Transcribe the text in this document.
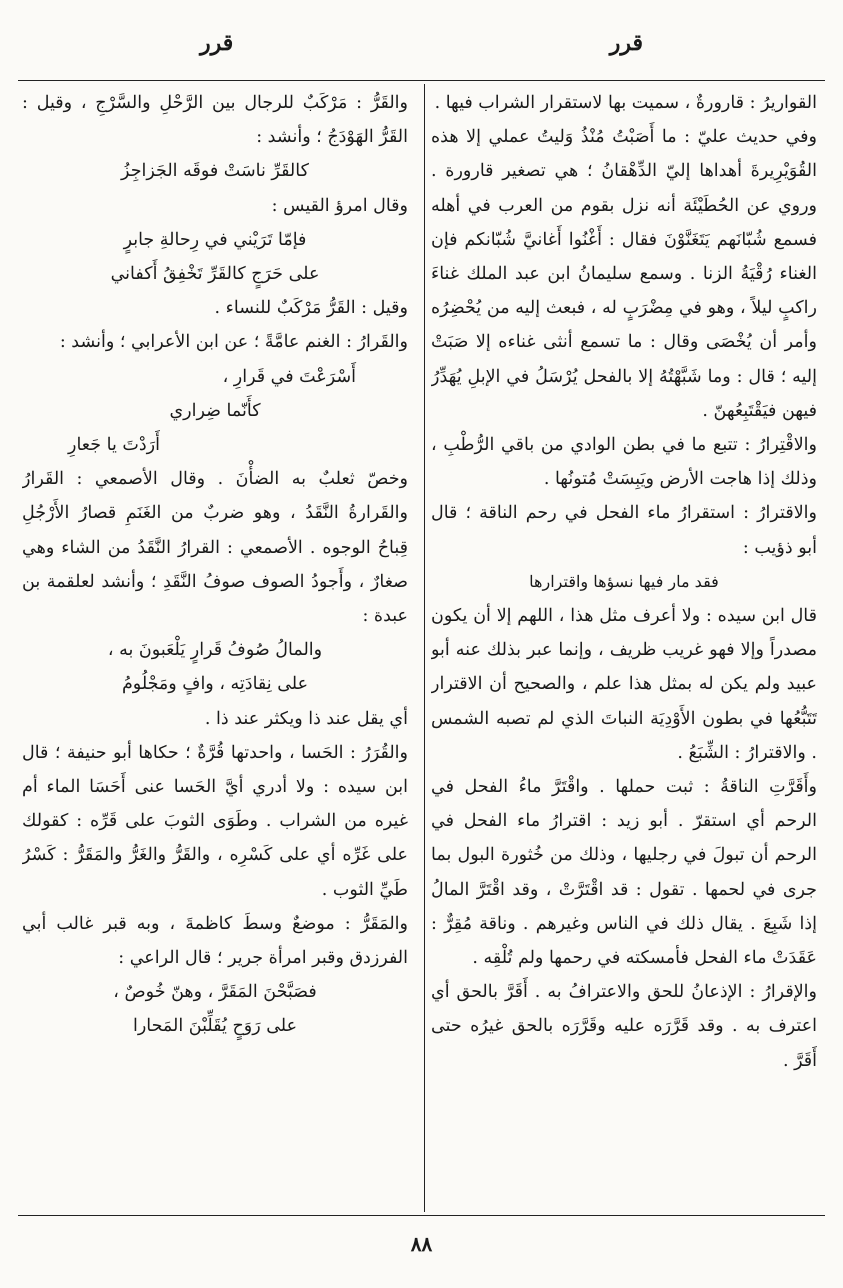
قرر
قرر

القواريرُ : قارورةٌ ، سميت بها لاستقرار الشراب فيها .

وفي حديث عليّ : ما أَصَبْتُ مُنْذُ وَليتُ عملي إلا هذه القُوَيْرِيرةَ أهداها إليّ الدِّهْقانُ ؛ هي تصغير قارورة . وروي عن الحُطَيْئَة أنه نزل بقوم من العرب في أهله فسمع شُبّانَهم يَتَغَنَّوْنَ فقال : أَغْنُوا أَغانيَّ شُبّانكم فإن الغناء رُقْيَةُ الزنا . وسمع سليمانُ ابن عبد الملك غناءَ راكبٍ ليلاً ، وهو في مِضْرَبٍ له ، فبعث إليه من يُحْضِرُه وأمر أن يُخْصَى وقال : ما تسمع أنثى غناءه إلا صَبَتْ إليه ؛ قال : وما شَبَّهْتُهُ إلا بالفحل يُرْسَلُ في الإبلِ يُهَدِّرُ فيهن فيَقْتَبِعُهنّ .

والاقْتِرارُ : تتبع ما في بطن الوادي من باقي الرُّطْبِ ، وذلك إذا هاجت الأرض ويَبِسَتْ مُتونُها .

والاقترارُ : استقرارُ ماء الفحل في رحم الناقة ؛ قال أبو ذؤيب :

فقد مار فيها نسؤها واقترارها

قال ابن سيده : ولا أعرف مثل هذا ، اللهم إلا أن يكون مصدراً وإلا فهو غريب ظريف ، وإنما عبر بذلك عنه أبو عبيد ولم يكن له بمثل هذا علم ، والصحيح أن الاقترار تَتَبُّعُها في بطون الأَوْدِيَة النباتَ الذي لم تصبه الشمس . والاقترارُ : الشِّبَعُ .

وأَقَرَّتِ الناقةُ : ثبت حملها . واقْتَرَّ ماءُ الفحل في الرحم أي استقرّ . أبو زيد : اقترارُ ماء الفحل في الرحم أن تبولَ في رجليها ، وذلك من خُثورة البول بما جرى في لحمها . تقول : قد اقْتَرَّتْ ، وقد اقْتَرَّ المالُ إذا شَبِعَ . يقال ذلك في الناس وغيرهم . وناقة مُقِرٌّ : عَقَدَتْ ماء الفحل فأمسكته في رحمها ولم تُلْقِه .

والإقرارُ : الإذعانُ للحق والاعترافُ به . أَقَرَّ بالحق أي اعترف به . وقد قَرَّرَه عليه وقَرَّرَه بالحق غيرُه حتى أَقَرَّ .

والقَرُّ : مَرْكَبٌ للرجال بين الرَّحْلِ والسَّرْجِ ، وقيل : القَرُّ الهَوْدَجُ ؛ وأنشد :

كالقَرِّ ناسَتْ فوقَه الجَزاجِزُ

وقال امرؤ القيس :

فإمّا تَرَيْني في رِحالةِ جابرٍ

على حَرَجٍ كالقَرِّ تَخْفِقُ أَكفاني

وقيل : القَرُّ مَرْكَبٌ للنساء .

والقَرارُ : الغنم عامَّةً ؛ عن ابن الأعرابي ؛ وأنشد :

أَسْرَعْتَ في قَرارِ ،

كأَنّما ضِراري

أَرَدْتَ يا جَعارِ

وخصّ ثعلبٌ به الضأْنَ . وقال الأصمعي : القَرارُ والقَرارةُ النَّقَدُ ، وهو ضربٌ من الغَنَمِ قصارُ الأَرْجُلِ قِباحُ الوجوه . الأصمعي : القرارُ النَّقَدُ من الشاء وهي صغارٌ ، وأَجودُ الصوف صوفُ النَّقَدِ ؛ وأنشد لعلقمة بن عبدة :

والمالُ صُوفُ قَرارٍ يَلْعَبونَ به ،

على نِقادَتِه ، وافٍ ومَجْلُومُ

أي يقل عند ذا ويكثر عند ذا .

والقُرَرُ : الحَسا ، واحدتها قُرَّةٌ ؛ حكاها أبو حنيفة ؛ قال ابن سيده : ولا أدري أيَّ الحَسا عنى أَحَسَا الماء أم غيره من الشراب . وطَوَى الثوبَ على قَرِّه : كقولك على غَرِّه أي على كَسْرِه ، والقَرُّ والغَرُّ والمَقَرُّ : كَسْرُ طَيِّ الثوب .

والمَقَرُّ : موضعٌ وسطَ كاظمةَ ، وبه قبر غالب أبي الفرزدق وقبر امرأة جرير ؛ قال الراعي :

فصَبَّحْنَ المَقَرَّ ، وهنّ خُوصٌ ،

على رَوَحٍ يُقَلِّبْنَ المَحارا

٨٨
